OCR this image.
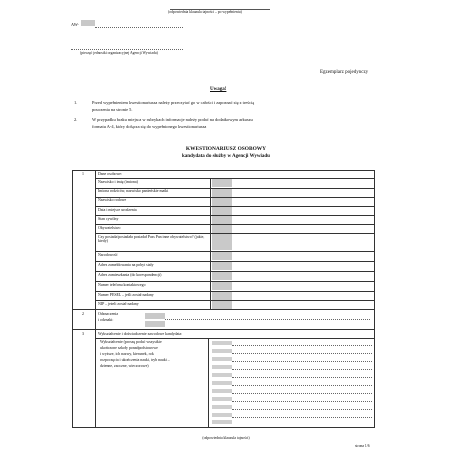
(odpowiednia klauzula tajności – po wypełnieniu)
AW-
(pieczęć jednostki organizacyjnej Agencji Wywiadu)
Egzemplarz pojedynczy
Uwaga!
1.	Przed wypełnieniem kwestionariusza należy przeczytać go w całości i zapoznać się z treścią
pouczenia na stronie 5.
2.	W przypadku braku miejsca w rubrykach informacje należy podać na dodatkowym arkuszu
formatu A-4, który dołącza się do wypełnionego kwestionariusza
KWESTIONARIUSZ OSOBOWY
kandydata do służby w Agencji Wywiadu
1	Dane osobowe:
Nazwisko i imię (imiona)
Imiona rodziców, nazwisko panieńskie matki
Nazwisko rodowe
Data i miejsce urodzenia
Stan cywilny
Obywatelstwo
Czy posiada/posiadała posiadał Pass Pan inne obywatelstwo? (jakie, kiedy)
Narodowość
Adres zameldowania na pobyt stały
Adres zamieszkania (do korespondencji)
Numer telefonu kontaktowego
Numer PESEL – jeśli został nadany
NIP – jeżeli został nadany
2	Odznaczenia
i odznaki:
3	Wykształcenie i doświadczenie zawodowe kandydata:
Wykształcenie (proszę podać wszystkie
ukończone szkoły ponadpodstawowe
i wyższe, ich nazwy, kierunek, rok
rozpoczęcia i ukończenia nauki, tryb nauki –
dzienne, zaoczne, wieczorowe)
(odpowiednia klauzula tajności)
strona 1/6
